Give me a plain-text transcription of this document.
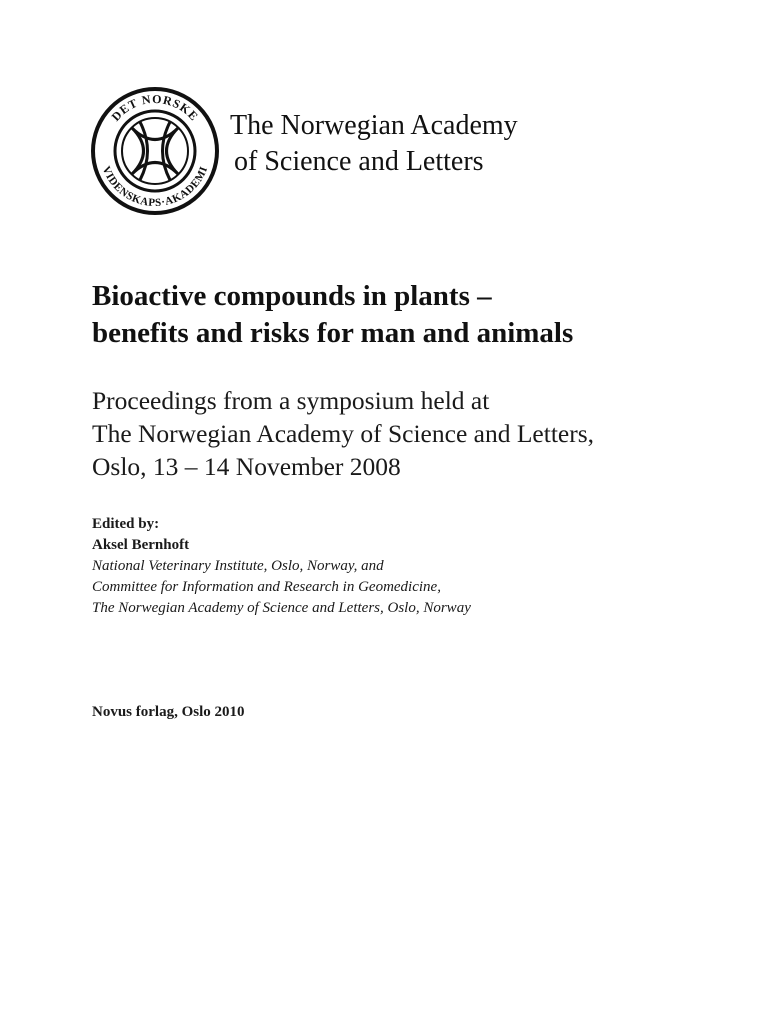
DET NORSKE
VIDENSKAPS·AKADEMI
The Norwegian Academy
of Science and Letters
Bioactive compounds in plants –
benefits and risks for man and animals
Proceedings from a symposium held at
The Norwegian Academy of Science and Letters,
Oslo, 13 – 14 November 2008
Edited by:
Aksel Bernhoft
National Veterinary Institute, Oslo, Norway, and
Committee for Information and Research in Geomedicine,
The Norwegian Academy of Science and Letters, Oslo, Norway
Novus forlag, Oslo 2010
